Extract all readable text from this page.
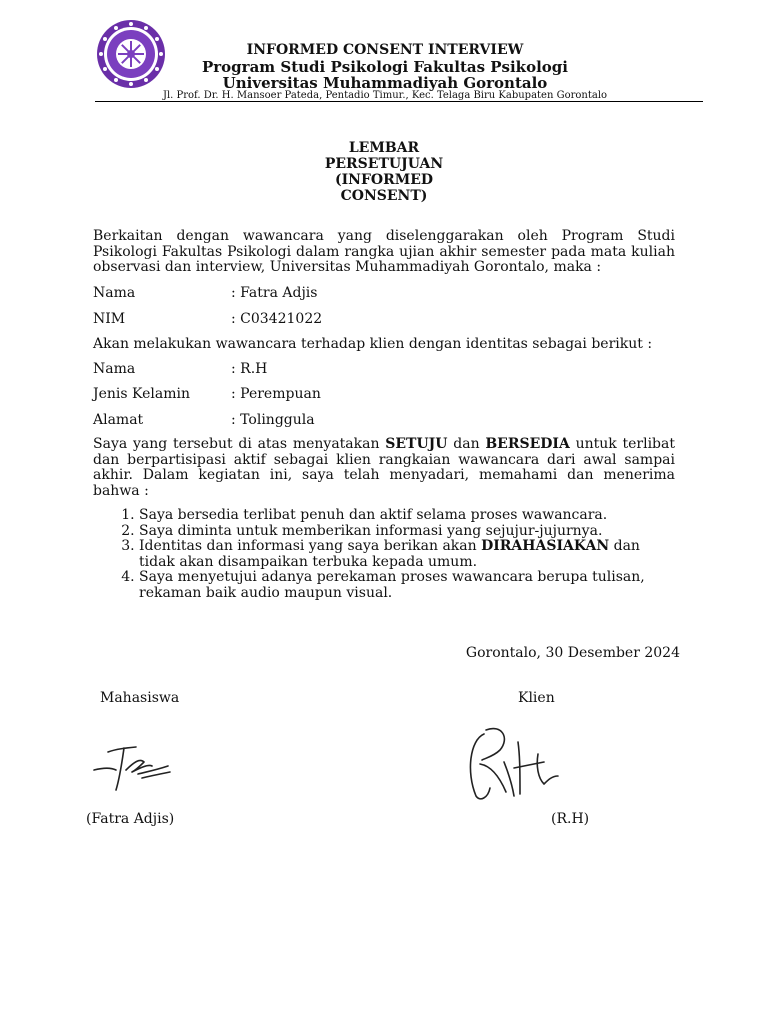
INFORMED CONSENT INTERVIEW
Program Studi Psikologi Fakultas Psikologi
Universitas Muhammadiyah Gorontalo
Jl. Prof. Dr. H. Mansoer Pateda, Pentadio Timur., Kec. Telaga Biru Kabupaten Gorontalo
LEMBAR
PERSETUJUAN
(INFORMED
CONSENT)
Berkaitan dengan wawancara yang diselenggarakan oleh Program Studi Psikologi Fakultas Psikologi dalam rangka ujian akhir semester pada mata kuliah observasi dan interview, Universitas Muhammadiyah Gorontalo, maka :
Nama	: Fatra Adjis
NIM	: C03421022
Akan melakukan wawancara terhadap klien dengan identitas sebagai berikut :
Nama	: R.H
Jenis Kelamin	: Perempuan
Alamat	: Tolinggula
Saya yang tersebut di atas menyatakan SETUJU dan BERSEDIA untuk terlibat dan berpartisipasi aktif sebagai klien rangkaian wawancara dari awal sampai akhir. Dalam kegiatan ini, saya telah menyadari, memahami dan menerima bahwa :
1. Saya bersedia terlibat penuh dan aktif selama proses wawancara.
2. Saya diminta untuk memberikan informasi yang sejujur-jujurnya.
3. Identitas dan informasi yang saya berikan akan DIRAHASIAKAN dan tidak akan disampaikan terbuka kepada umum.
4. Saya menyetujui adanya perekaman proses wawancara berupa tulisan, rekaman baik audio maupun visual.
Gorontalo, 30 Desember 2024
Mahasiswa	Klien
(Fatra Adjis)	(R.H)
